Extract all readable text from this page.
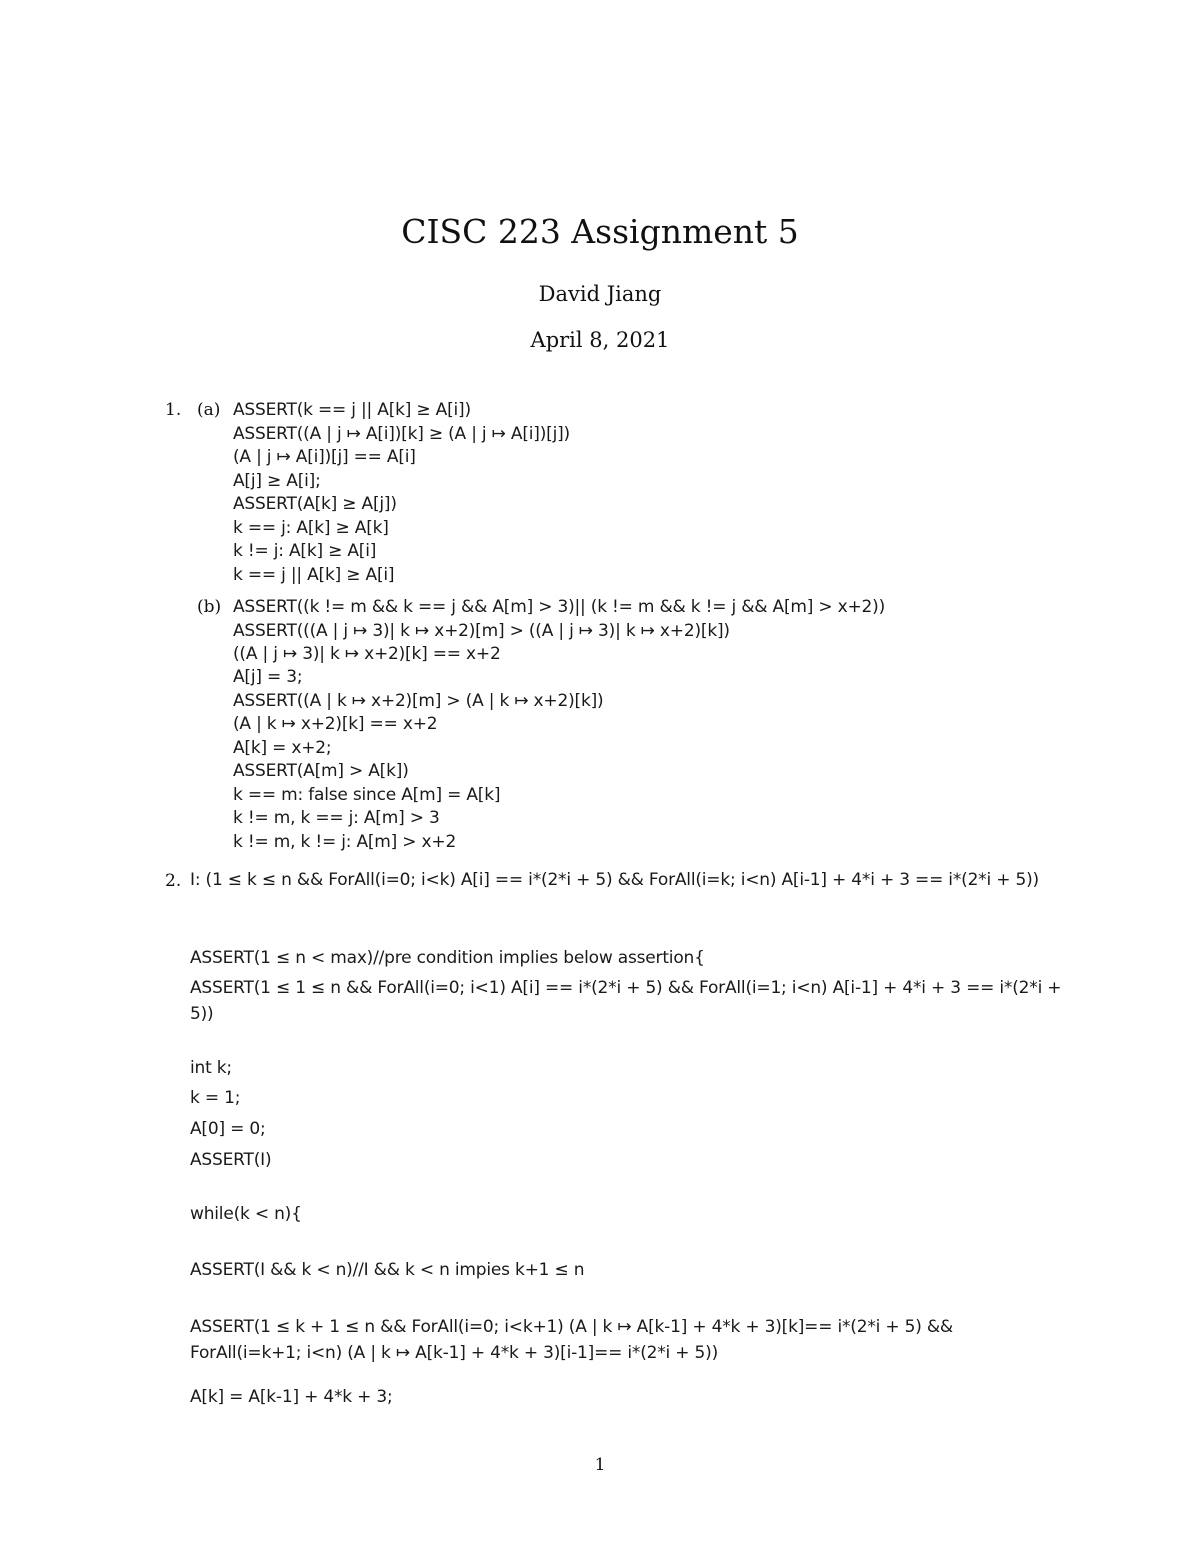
CISC 223 Assignment 5
David Jiang
April 8, 2021
1. (a) ASSERT(k == j || A[k] ≥ A[i])
ASSERT((A | j ↦ A[i])[k] ≥ (A | j ↦ A[i])[j])
(A | j ↦ A[i])[j] == A[i]
A[j] ≥ A[i];
ASSERT(A[k] ≥ A[j])
k == j: A[k] ≥ A[k]
k != j: A[k] ≥ A[i]
k == j || A[k] ≥ A[i]
(b) ASSERT((k != m && k == j && A[m] > 3)|| (k != m && k != j && A[m] > x+2))
ASSERT(((A | j ↦ 3)| k ↦ x+2)[m] > ((A | j ↦ 3)| k ↦ x+2)[k])
((A | j ↦ 3)| k ↦ x+2)[k] == x+2
A[j] = 3;
ASSERT((A | k ↦ x+2)[m] > (A | k ↦ x+2)[k])
(A | k ↦ x+2)[k] == x+2
A[k] = x+2;
ASSERT(A[m] > A[k])
k == m: false since A[m] = A[k]
k != m, k == j: A[m] > 3
k != m, k != j: A[m] > x+2
2. I: (1 ≤ k ≤ n && ForAll(i=0; i<k) A[i] == i*(2*i + 5) && ForAll(i=k; i<n) A[i-1] + 4*i + 3 == i*(2*i + 5))
ASSERT(1 ≤ n < max)//pre condition implies below assertion{
ASSERT(1 ≤ 1 ≤ n && ForAll(i=0; i<1) A[i] == i*(2*i + 5) && ForAll(i=1; i<n) A[i-1] + 4*i + 3 == i*(2*i + 5))
int k;
k = 1;
A[0] = 0;
ASSERT(I)
while(k < n){
ASSERT(I && k < n)//I && k < n impies k+1 ≤ n
ASSERT(1 ≤ k + 1 ≤ n && ForAll(i=0; i<k+1) (A | k ↦ A[k-1] + 4*k + 3)[k]== i*(2*i + 5) && ForAll(i=k+1; i<n) (A | k ↦ A[k-1] + 4*k + 3)[i-1]== i*(2*i + 5))
A[k] = A[k-1] + 4*k + 3;
1
